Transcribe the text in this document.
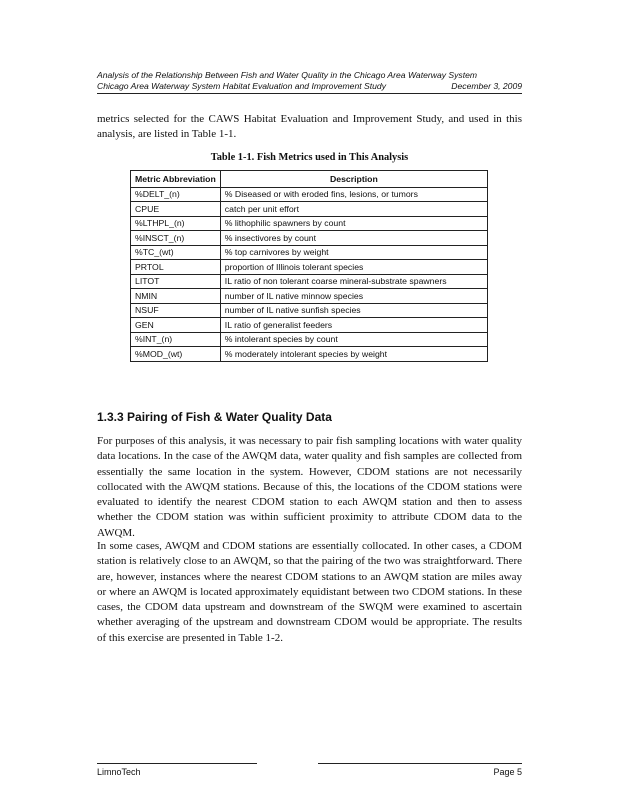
Analysis of the Relationship Between Fish and Water Quality in the Chicago Area Waterway System
Chicago Area Waterway System Habitat Evaluation and Improvement Study	December 3, 2009
metrics selected for the CAWS Habitat Evaluation and Improvement Study, and used in this analysis, are listed in Table 1-1.
Table 1-1. Fish Metrics used in This Analysis
Metric Abbreviation	Description
%DELT_(n)	% Diseased or with eroded fins, lesions, or tumors
CPUE	catch per unit effort
%LTHPL_(n)	% lithophilic spawners by count
%INSCT_(n)	% insectivores by count
%TC_(wt)	% top carnivores by weight
PRTOL	proportion of Illinois tolerant species
LITOT	IL ratio of non tolerant coarse mineral-substrate spawners
NMIN	number of IL native minnow species
NSUF	number of IL native sunfish species
GEN	IL ratio of generalist feeders
%INT_(n)	% intolerant species by count
%MOD_(wt)	% moderately intolerant species by weight
1.3.3 Pairing of Fish & Water Quality Data
For purposes of this analysis, it was necessary to pair fish sampling locations with water quality data locations. In the case of the AWQM data, water quality and fish samples are collected from essentially the same location in the system. However, CDOM stations are not necessarily collocated with the AWQM stations. Because of this, the locations of the CDOM stations were evaluated to identify the nearest CDOM station to each AWQM station and then to assess whether the CDOM station was within sufficient proximity to attribute CDOM data to the AWQM.
In some cases, AWQM and CDOM stations are essentially collocated. In other cases, a CDOM station is relatively close to an AWQM, so that the pairing of the two was straightforward. There are, however, instances where the nearest CDOM stations to an AWQM station are miles away or where an AWQM is located approximately equidistant between two CDOM stations. In these cases, the CDOM data upstream and downstream of the SWQM were examined to ascertain whether averaging of the upstream and downstream CDOM would be appropriate. The results of this exercise are presented in Table 1-2.
LimnoTech	Page 5
